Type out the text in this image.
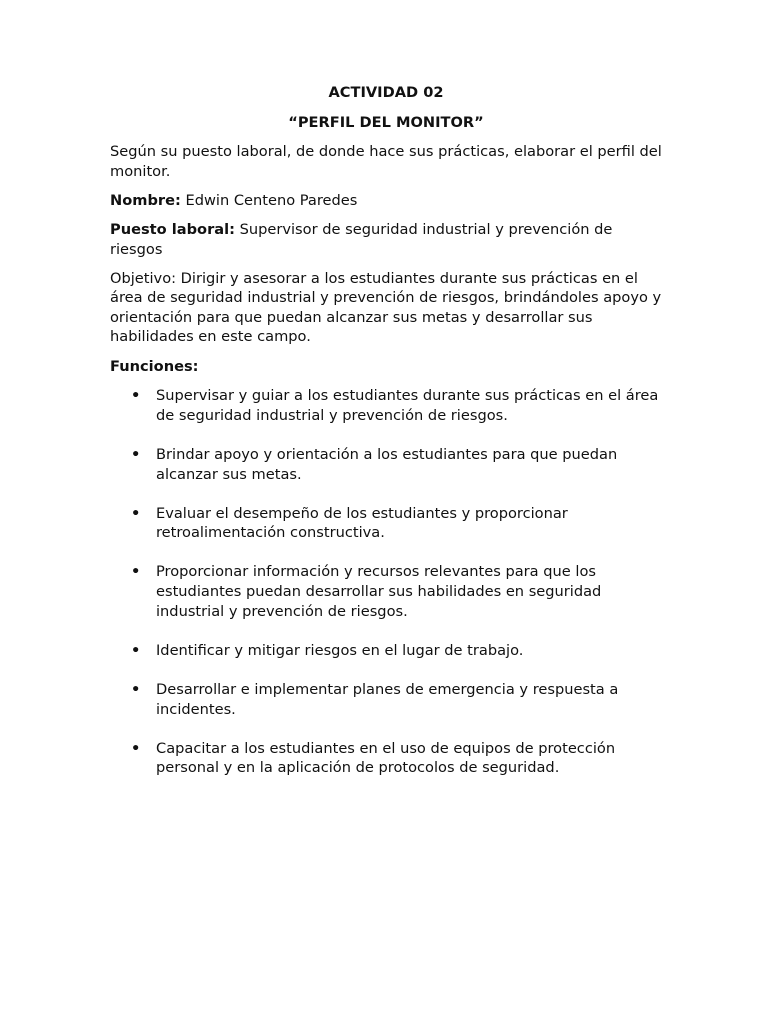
ACTIVIDAD 02
“PERFIL DEL MONITOR”

Según su puesto laboral, de donde hace sus prácticas, elaborar el perfil del monitor.

Nombre: Edwin Centeno Paredes

Puesto laboral: Supervisor de seguridad industrial y prevención de riesgos

Objetivo: Dirigir y asesorar a los estudiantes durante sus prácticas en el área de seguridad industrial y prevención de riesgos, brindándoles apoyo y orientación para que puedan alcanzar sus metas y desarrollar sus habilidades en este campo.

Funciones:
• Supervisar y guiar a los estudiantes durante sus prácticas en el área de seguridad industrial y prevención de riesgos.
• Brindar apoyo y orientación a los estudiantes para que puedan alcanzar sus metas.
• Evaluar el desempeño de los estudiantes y proporcionar retroalimentación constructiva.
• Proporcionar información y recursos relevantes para que los estudiantes puedan desarrollar sus habilidades en seguridad industrial y prevención de riesgos.
• Identificar y mitigar riesgos en el lugar de trabajo.
• Desarrollar e implementar planes de emergencia y respuesta a incidentes.
• Capacitar a los estudiantes en el uso de equipos de protección personal y en la aplicación de protocolos de seguridad.
